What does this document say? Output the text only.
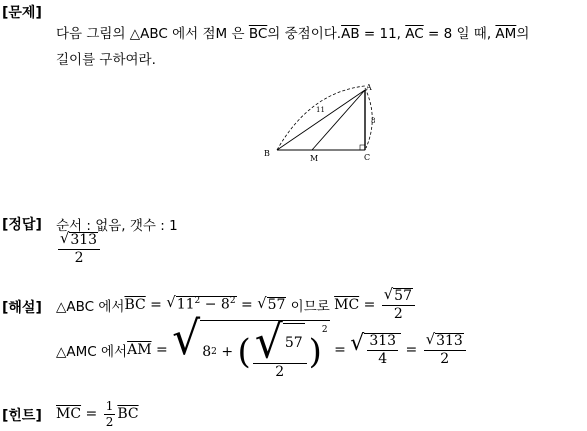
[문제]
다음 그림의 △ABC 에서 점M 은 $\overline{BC}$의 중점이다$.\overline{AB} = 11$, $\overline{AC} = 8$ 일 때, $\overline{AM}$의
길이를 구하여라.
A
B	C
M
11
8
[정답] 순서 : 없음, 갯수 : 1
$\frac{√ 313}{2}$
[해설] △ABC 에서 $\overline{BC}$ = √ $11^2 - 8^2$ = √ 57 이므로 $\overline{MC} = \frac{√ 57}{2}$
△AMC 에서 $\overline{AM}$ = √ 8 2 + ( $\frac{√ 57}{2}$ )
$^2$
= √ $\frac{313}{4} = \frac{√ 313}{2}$
[힌트] $\overline{MC} = \frac{1}{2} \overline{BC}$
